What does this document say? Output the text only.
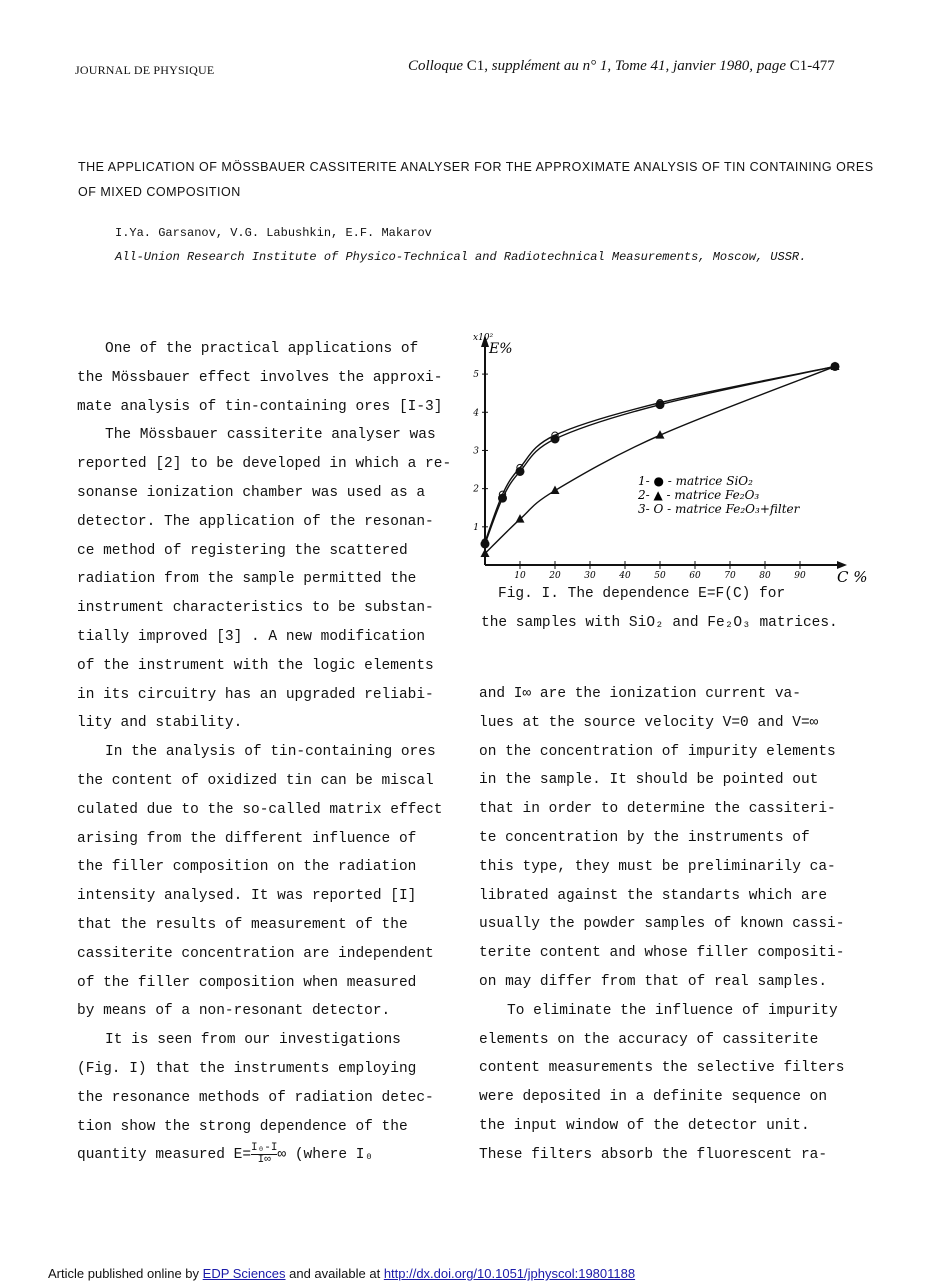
JOURNAL DE PHYSIQUE	Colloque C1, supplément au n° 1, Tome 41, janvier 1980, page C1-477
THE APPLICATION OF MÖSSBAUER CASSITERITE ANALYSER FOR THE APPROXIMATE ANALYSIS OF TIN CONTAINING ORES
OF MIXED COMPOSITION
I.Ya. Garsanov, V.G. Labushkin, E.F. Makarov
All-Union Research Institute of Physico-Technical and Radiotechnical Measurements, Moscow, USSR.
One of the practical applications of
the Mössbauer effect involves the approxi-
mate analysis of tin-containing ores [I-3]
The Mössbauer cassiterite analyser was
reported [2] to be developed in which a re-
sonanse ionization chamber was used as a
detector. The application of the resonan-
ce method of registering the scattered
radiation from the sample permitted the
instrument characteristics to be substan-
tially improved [3] . A new modification
of the instrument with the logic elements
in its circuitry has an upgraded reliabi-
lity and stability.
In the analysis of tin-containing ores
the content of oxidized tin can be miscal
culated due to the so-called matrix effect
arising from the different influence of
the filler composition on the radiation
intensity analysed. It was reported [I]
that the results of measurement of the
cassiterite concentration are independent
of the filler composition when measured
by means of a non-resonant detector.
It is seen from our investigations
(Fig. I) that the instruments employing
the resonance methods of radiation detec-
tion show the strong dependence of the
quantity measured $E= \frac{\text{I₀-I}}{I\infty}$ ∞ (where I₀
10	20	30	40	50	60	70	80	90
1
2
3
4
5
E%
x10²
C %
1- ● - matrice SiO₂
2- ▲ - matrice Fe₂O₃
3- O - matrice Fe₂O₃+filter
Fig. I. The dependence E=F(C) for
the samples with SiO₂ and Fe₂O₃ matrices.
and I∞ are the ionization current va-
lues at the source velocity V=0 and V=∞
on the concentration of impurity elements
in the sample. It should be pointed out
that in order to determine the cassiteri-
te concentration by the instruments of
this type, they must be preliminarily ca-
librated against the standarts which are
usually the powder samples of known cassi-
terite content and whose filler compositi-
on may differ from that of real samples.
To eliminate the influence of impurity
elements on the accuracy of cassiterite
content measurements the selective filters
were deposited in a definite sequence on
the input window of the detector unit.
These filters absorb the fluorescent ra-
Article published online by EDP Sciences and available at http://dx.doi.org/10.1051/jphyscol:19801188
